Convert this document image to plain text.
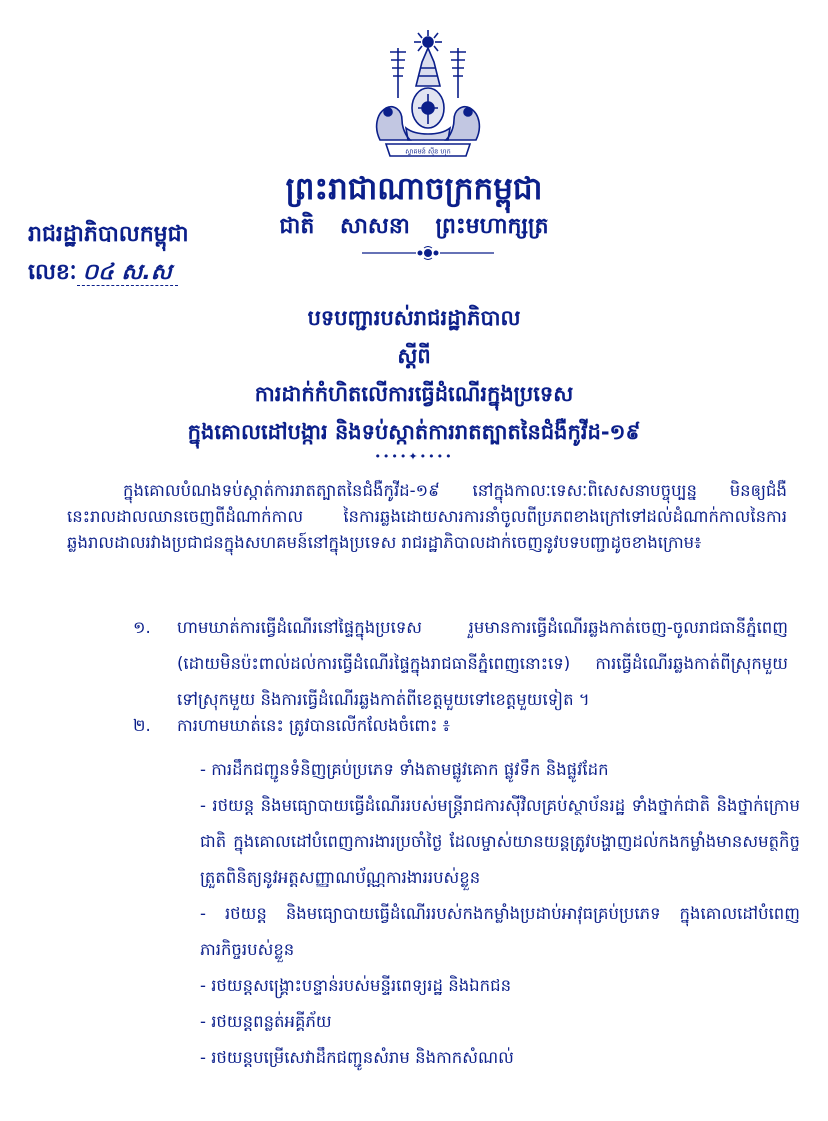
ស្វាគមន៍ ស៊ីន ហុក
ព្រះរាជាណាចក្រកម្ពុជា
ជាតិ សាសនា ព្រះមហាក្សត្រ
រាជរដ្ឋាភិបាលកម្ពុជា
លេខៈ ០៤ ស.ស
បទបញ្ជារបស់រាជរដ្ឋាភិបាល
ស្តីពី
ការដាក់កំហិតលើការធ្វើដំណើរក្នុងប្រទេស
ក្នុងគោលដៅបង្ការ និងទប់ស្កាត់ការរាតត្បាតនៃជំងឺកូវីដ-១៩
••••✦••••
ក្នុងគោលបំណងទប់ស្កាត់ការរាតត្បាតនៃជំងឺកូវីដ-១៩ នៅក្នុងកាលៈទេសៈពិសេសនាបច្ចុប្បន្ន មិនឲ្យជំងឺនេះរាលដាលឈានចេញពីដំណាក់កាល នៃការឆ្លងដោយសារការនាំចូលពីប្រភពខាងក្រៅទៅដល់ដំណាក់កាលនៃការឆ្លងរាលដាលរវាងប្រជាជនក្នុងសហគមន៍នៅក្នុងប្រទេស រាជរដ្ឋាភិបាលដាក់ចេញនូវបទបញ្ជាដូចខាងក្រោម៖
១.	ហាមឃាត់ការធ្វើដំណើរនៅផ្ទៃក្នុងប្រទេស រួមមានការធ្វើដំណើរឆ្លងកាត់ចេញ-ចូលរាជធានីភ្នំពេញ (ដោយមិនប៉ះពាល់ដល់ការធ្វើដំណើរផ្ទៃក្នុងរាជធានីភ្នំពេញនោះទេ) ការធ្វើដំណើរឆ្លងកាត់ពីស្រុកមួយទៅស្រុកមួយ និងការធ្វើដំណើរឆ្លងកាត់ពីខេត្តមួយទៅខេត្តមួយទៀត ។
២.	ការហាមឃាត់នេះ ត្រូវបានលើកលែងចំពោះ ៖
- ការដឹកជញ្ជូនទំនិញគ្រប់ប្រភេទ ទាំងតាមផ្លូវគោក ផ្លូវទឹក និងផ្លូវដែក
- រថយន្ត និងមធ្យោបាយធ្វើដំណើររបស់មន្ត្រីរាជការស៊ីវិលគ្រប់ស្ថាប័នរដ្ឋ ទាំងថ្នាក់ជាតិ និងថ្នាក់ក្រោមជាតិ ក្នុងគោលដៅបំពេញការងារប្រចាំថ្ងៃ ដែលម្ចាស់យានយន្តត្រូវបង្ហាញដល់កងកម្លាំងមានសមត្ថកិច្ចត្រួតពិនិត្យនូវអត្តសញ្ញាណប័ណ្ណការងាររបស់ខ្លួន
- រថយន្ត និងមធ្យោបាយធ្វើដំណើររបស់កងកម្លាំងប្រដាប់អាវុធគ្រប់ប្រភេទ ក្នុងគោលដៅបំពេញភារកិច្ចរបស់ខ្លួន
- រថយន្តសង្គ្រោះបន្ទាន់របស់មន្ទីរពេទ្យរដ្ឋ និងឯកជន
- រថយន្តពន្លត់អគ្គីភ័យ
- រថយន្តបម្រើសេវាដឹកជញ្ជូនសំរាម និងកាកសំណល់
